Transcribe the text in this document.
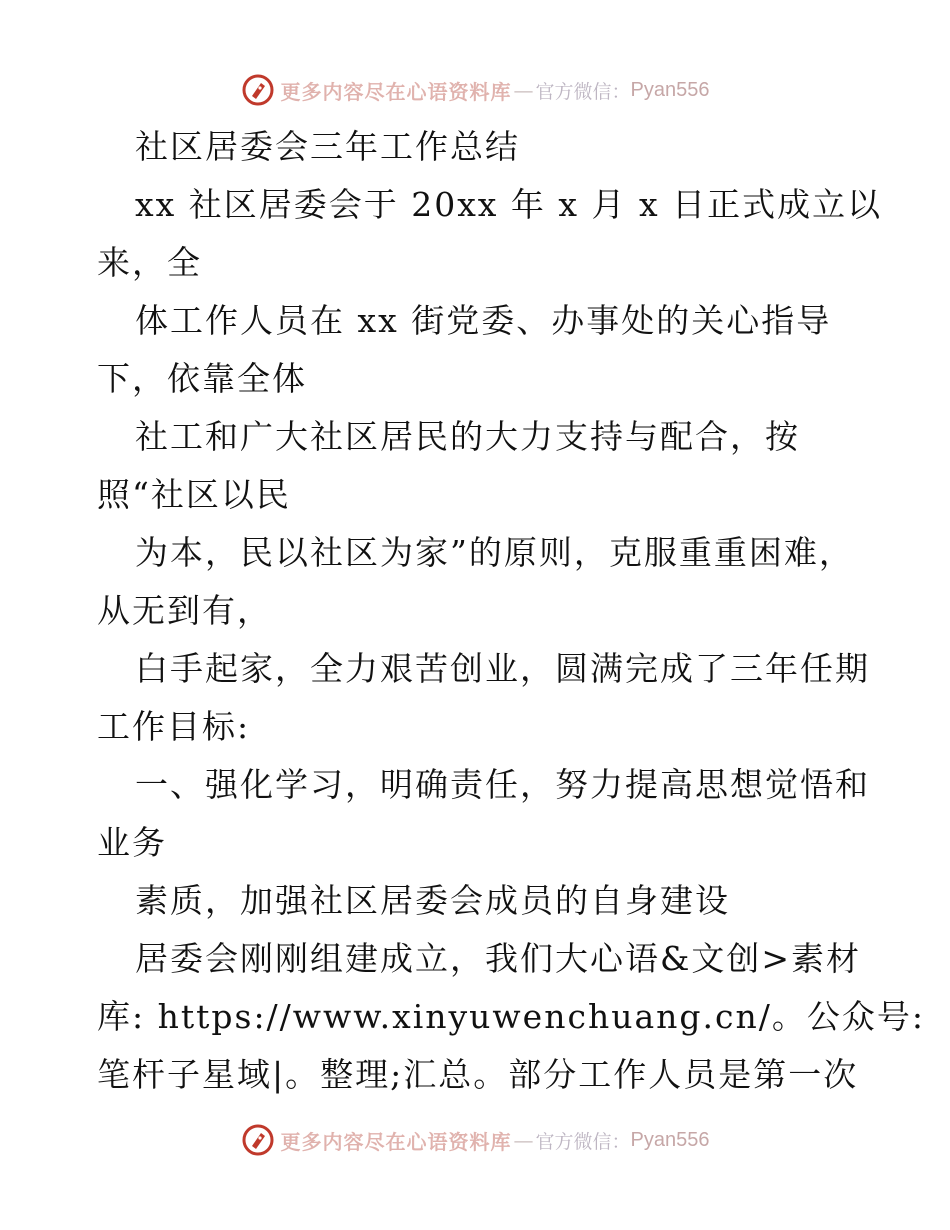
更多内容尽在心语资料库 — 官方微信： Pyan556

社区居委会三年工作总结

xx 社区居委会于 20xx 年 x 月 x 日正式成立以

来，全

体工作人员在 xx 街党委、办事处的关心指导

下，依靠全体

社工和广大社区居民的大力支持与配合，按

照“社区以民

为本，民以社区为家”的原则，克服重重困难，

从无到有，

白手起家，全力艰苦创业，圆满完成了三年任期

工作目标:

一、强化学习，明确责任，努力提高思想觉悟和

业务

素质，加强社区居委会成员的自身建设

居委会刚刚组建成立，我们大心语&文创>素材

库: https://www.xinyuwenchuang.cn/。公众号:

笔杆子星域|。整理;汇总。部分工作人员是第一次

更多内容尽在心语资料库 — 官方微信： Pyan556
